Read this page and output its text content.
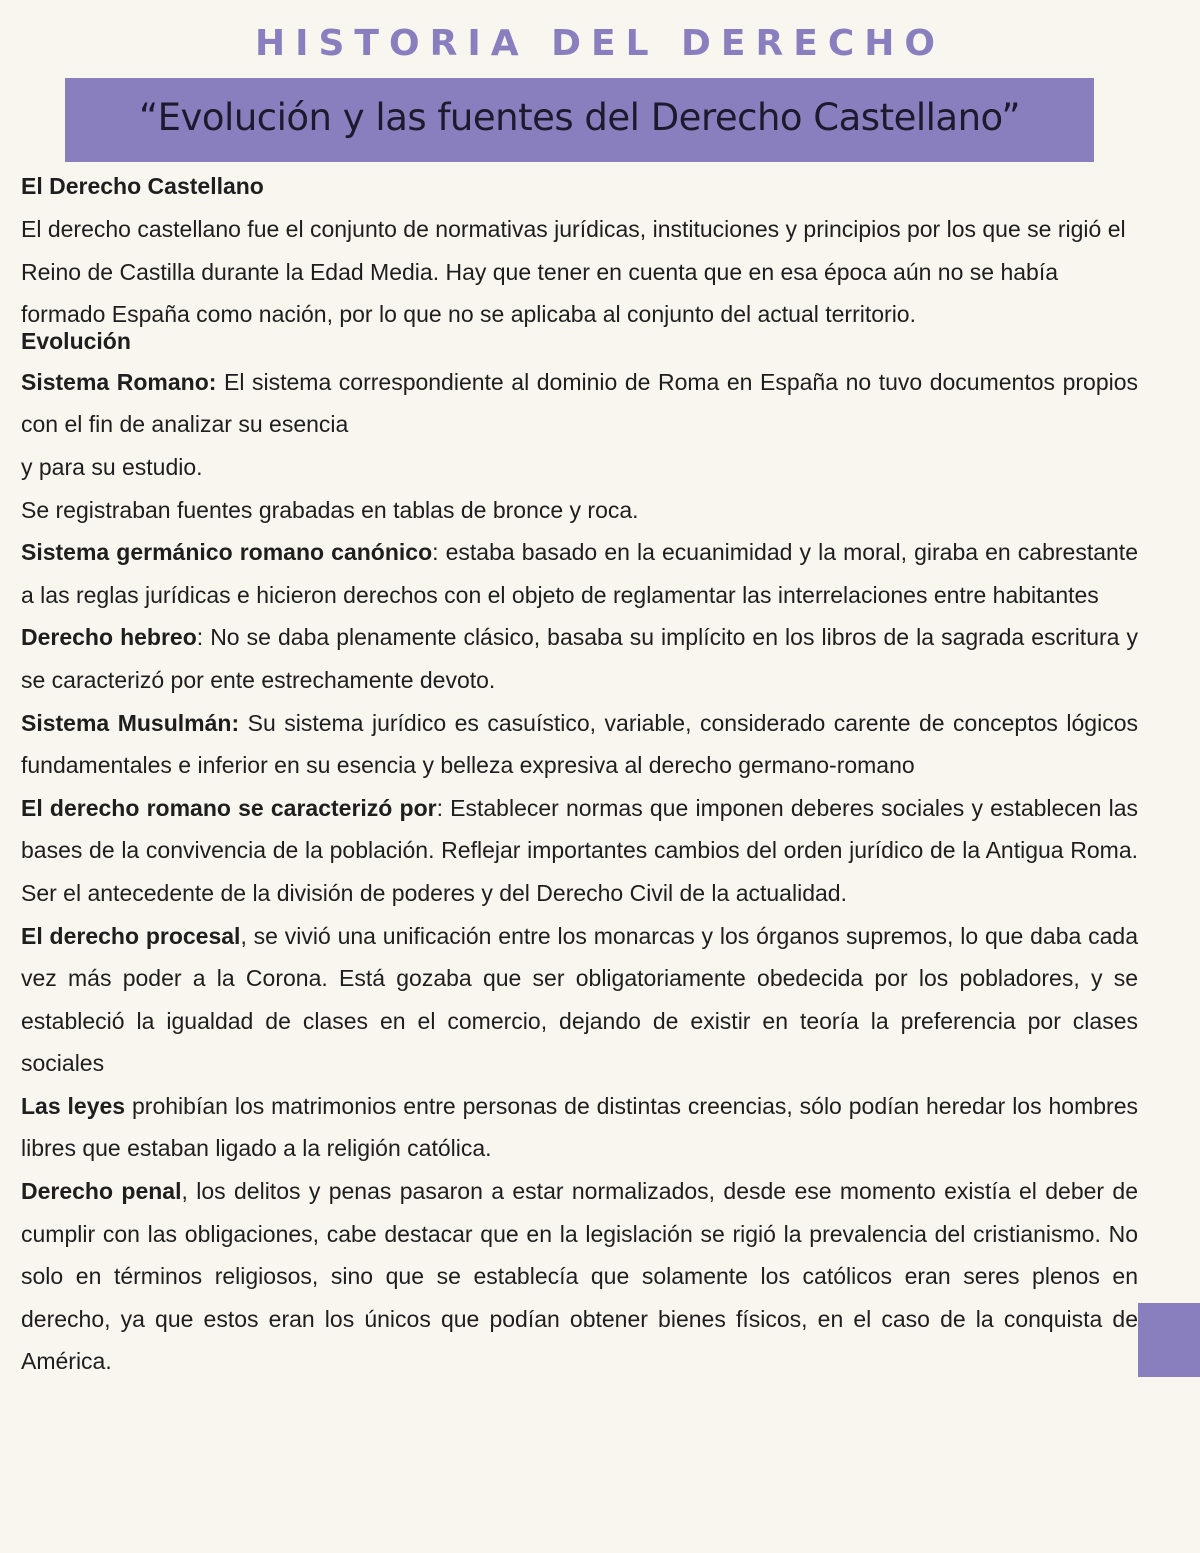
HISTORIA DEL DERECHO
“Evolución y las fuentes del Derecho Castellano”

El Derecho Castellano

El derecho castellano fue el conjunto de normativas jurídicas, instituciones y principios por los que se rigió el Reino de Castilla durante la Edad Media. Hay que tener en cuenta que en esa época aún no se había formado España como nación, por lo que no se aplicaba al conjunto del actual territorio.

Evolución

Sistema Romano: El sistema correspondiente al dominio de Roma en España no tuvo documentos propios con el fin de analizar su esencia

y para su estudio.

Se registraban fuentes grabadas en tablas de bronce y roca.

Sistema germánico romano canónico: estaba basado en la ecuanimidad y la moral, giraba en cabrestante a las reglas jurídicas e hicieron derechos con el objeto de reglamentar las interrelaciones entre habitantes

Derecho hebreo: No se daba plenamente clásico, basaba su implícito en los libros de la sagrada escritura y se caracterizó por ente estrechamente devoto.

Sistema Musulmán: Su sistema jurídico es casuístico, variable, considerado carente de conceptos lógicos fundamentales e inferior en su esencia y belleza expresiva al derecho germano-romano

El derecho romano se caracterizó por: Establecer normas que imponen deberes sociales y establecen las bases de la convivencia de la población. Reflejar importantes cambios del orden jurídico de la Antigua Roma. Ser el antecedente de la división de poderes y del Derecho Civil de la actualidad.

El derecho procesal, se vivió una unificación entre los monarcas y los órganos supremos, lo que daba cada vez más poder a la Corona. Está gozaba que ser obligatoriamente obedecida por los pobladores, y se estableció la igualdad de clases en el comercio, dejando de existir en teoría la preferencia por clases sociales

Las leyes prohibían los matrimonios entre personas de distintas creencias, sólo podían heredar los hombres libres que estaban ligado a la religión católica.

Derecho penal, los delitos y penas pasaron a estar normalizados, desde ese momento existía el deber de cumplir con las obligaciones, cabe destacar que en la legislación se rigió la prevalencia del cristianismo. No solo en términos religiosos, sino que se establecía que solamente los católicos eran seres plenos en derecho, ya que estos eran los únicos que podían obtener bienes físicos, en el caso de la conquista de América.
